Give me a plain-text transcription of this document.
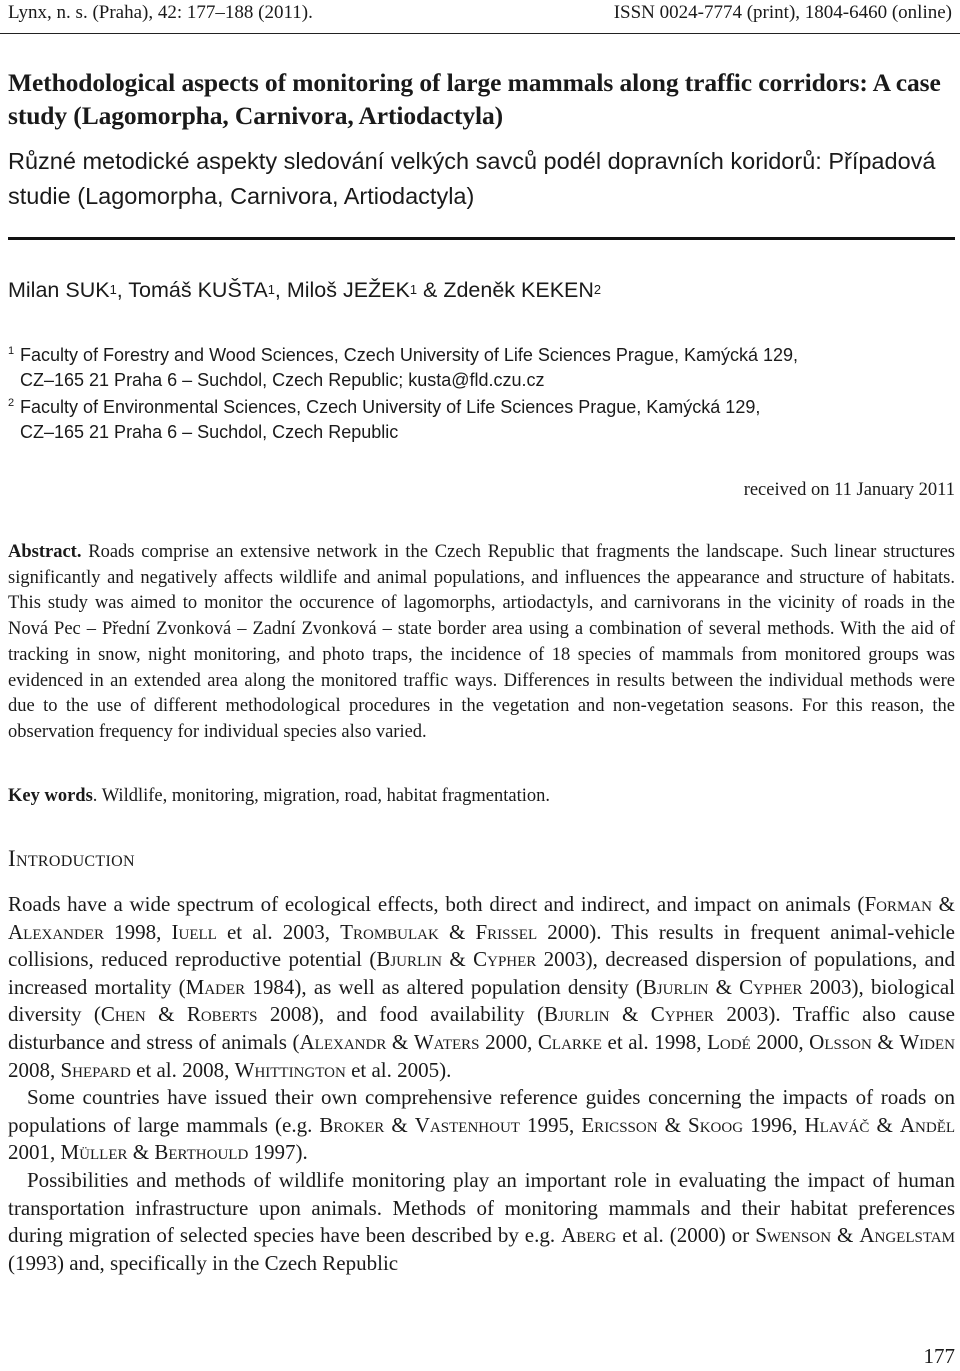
Lynx, n. s. (Praha), 42: 177–188 (2011).	ISSN 0024-7774 (print), 1804-6460 (online)
Methodological aspects of monitoring of large mammals along traffic corridors: A case study (Lagomorpha, Carnivora, Artiodactyla)
Různé metodické aspekty sledování velkých savců podél dopravních koridorů: Případová studie (Lagomorpha, Carnivora, Artiodactyla)
Milan SUK$^1$, Tomáš KUŠTA$^1$, Miloš JEŽEK$^1$ & Zdeněk KEKEN$^2$
1 Faculty of Forestry and Wood Sciences, Czech University of Life Sciences Prague, Kamýcká 129,
CZ–165 21 Praha 6 – Suchdol, Czech Republic; kusta@fld.czu.cz
2 Faculty of Environmental Sciences, Czech University of Life Sciences Prague, Kamýcká 129,
CZ–165 21 Praha 6 – Suchdol, Czech Republic
received on 11 January 2011
Abstract. Roads comprise an extensive network in the Czech Republic that fragments the landscape. Such linear structures significantly and negatively affects wildlife and animal populations, and influences the appearance and structure of habitats. This study was aimed to monitor the occurence of lagomorphs, artiodactyls, and carnivorans in the vicinity of roads in the Nová Pec – Přední Zvonková – Zadní Zvonková – state border area using a combination of several methods. With the aid of tracking in snow, night monitoring, and photo traps, the incidence of 18 species of mammals from monitored groups was evidenced in an extended area along the monitored traffic ways. Differences in results between the individual methods were due to the use of different methodological procedures in the vegetation and non-vegetation seasons. For this reason, the observation frequency for individual species also varied.
Key words. Wildlife, monitoring, migration, road, habitat fragmentation.
Introduction

Roads have a wide spectrum of ecological effects, both direct and indirect, and impact on animals (Forman & Alexander 1998, Iuell et al. 2003, Trombulak & Frissel 2000). This results in frequent animal-vehicle collisions, reduced reproductive potential (Bjurlin & Cypher 2003), decreased dispersion of populations, and increased mortality (Mader 1984), as well as altered population density (Bjurlin & Cypher 2003), biological diversity (Chen & Roberts 2008), and food availability (Bjurlin & Cypher 2003). Traffic also cause disturbance and stress of animals (Alexandr & Waters 2000, Clarke et al. 1998, Lodé 2000, Olsson & Widen 2008, Shepard et al. 2008, Whittington et al. 2005).

Some countries have issued their own comprehensive reference guides concerning the impacts of roads on populations of large mammals (e.g. Broker & Vastenhout 1995, Ericsson & Skoog 1996, Hlaváč & Anděl 2001, Müller & Berthould 1997).

Possibilities and methods of wildlife monitoring play an important role in evaluating the impact of human transportation infrastructure upon animals. Methods of monitoring mammals and their habitat preferences during migration of selected species have been described by e.g. Aberg et al. (2000) or Swenson & Angelstam (1993) and, specifically in the Czech Republic

177
